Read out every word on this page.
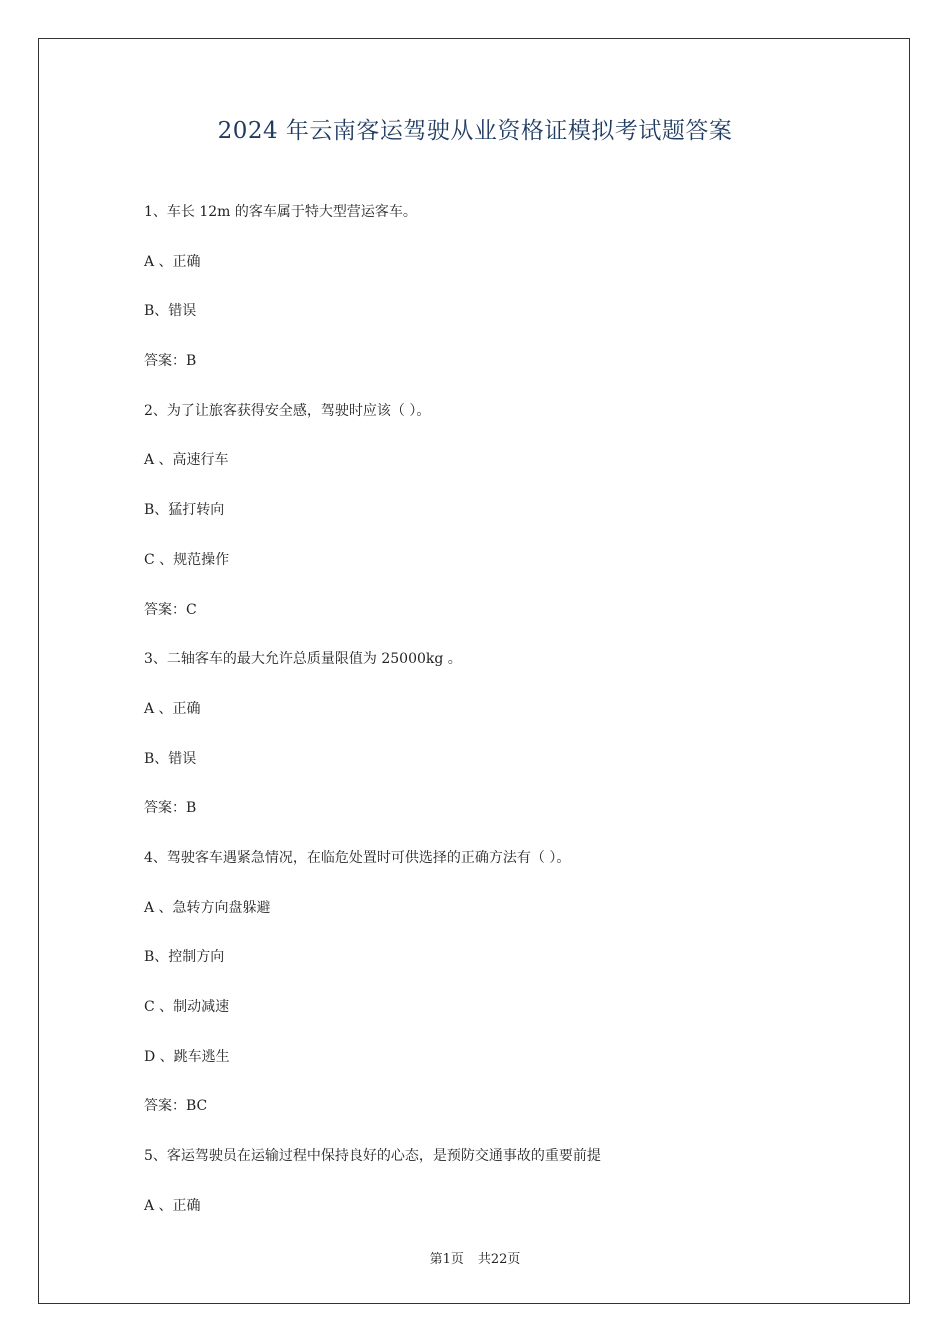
2024 年云南客运驾驶从业资格证模拟考试题答案
1、车长 12m 的客车属于特大型营运客车。
A 、正确
B、错误
答案：B
2、为了让旅客获得安全感，驾驶时应该（ ）。
A 、高速行车
B、猛打转向
C 、规范操作
答案：C
3、二轴客车的最大允许总质量限值为 25000kg 。
A 、正确
B、错误
答案：B
4、驾驶客车遇紧急情况，在临危处置时可供选择的正确方法有（ ）。
A 、急转方向盘躲避
B、控制方向
C 、制动减速
D 、跳车逃生
答案：BC
5、客运驾驶员在运输过程中保持良好的心态，是预防交通事故的重要前提
A 、正确
第1页 共22页
